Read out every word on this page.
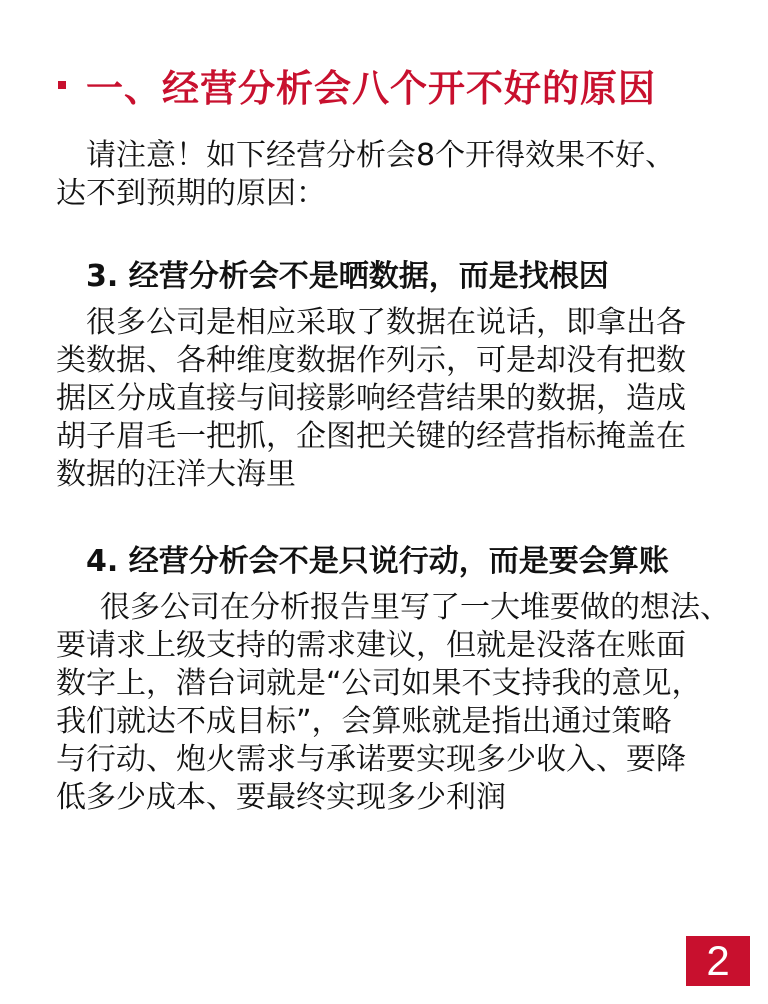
一、经营分析会八个开不好的原因
请注意！如下经营分析会8个开得效果不好、
达不到预期的原因：
3. 经营分析会不是晒数据，而是找根因
很多公司是相应采取了数据在说话，即拿出各
类数据、各种维度数据作列示，可是却没有把数
据区分成直接与间接影响经营结果的数据，造成
胡子眉毛一把抓，企图把关键的经营指标掩盖在
数据的汪洋大海里
4. 经营分析会不是只说行动，而是要会算账
很多公司在分析报告里写了一大堆要做的想法、
要请求上级支持的需求建议，但就是没落在账面
数字上，潜台词就是“公司如果不支持我的意见，
我们就达不成目标”，会算账就是指出通过策略
与行动、炮火需求与承诺要实现多少收入、要降
低多少成本、要最终实现多少利润
2
